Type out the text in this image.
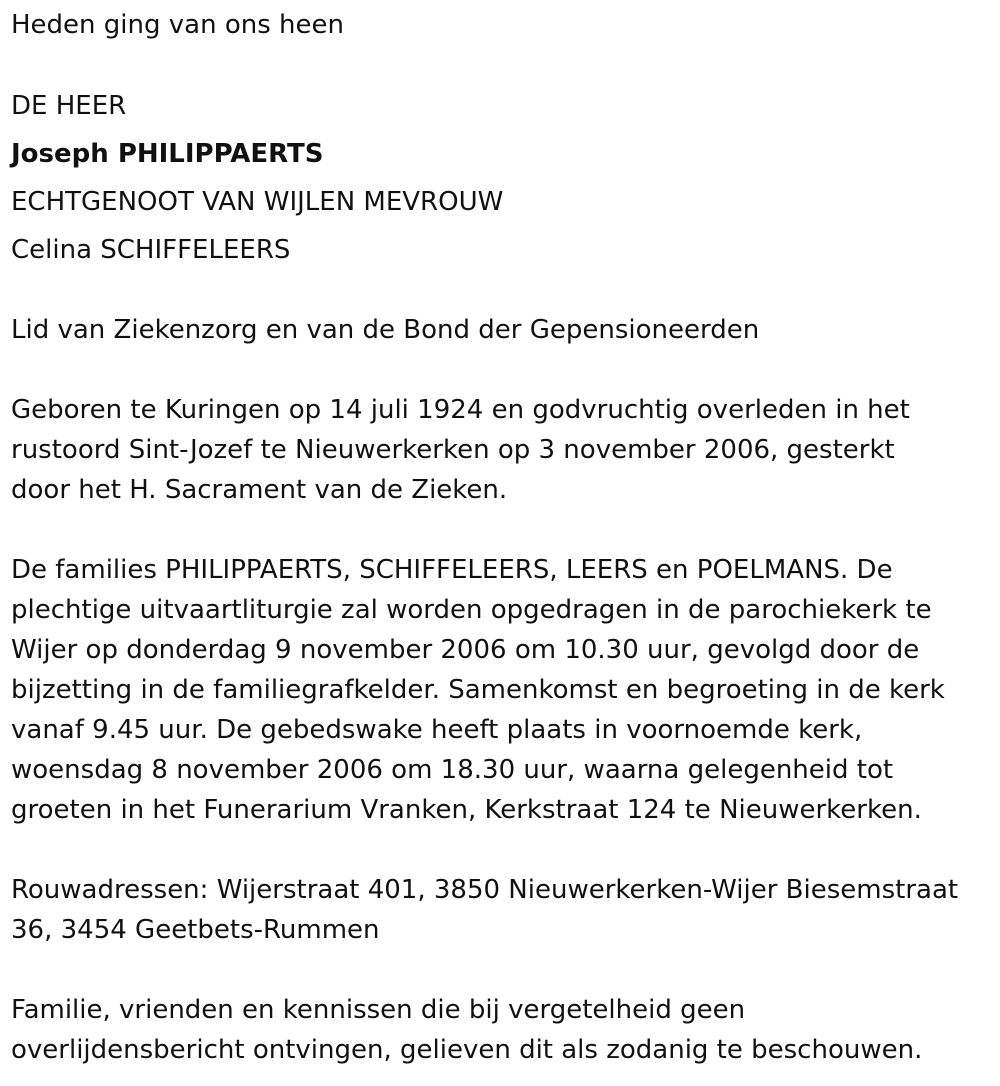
Heden ging van ons heen

DE HEER

Joseph PHILIPPAERTS

ECHTGENOOT VAN WIJLEN MEVROUW

Celina SCHIFFELEERS

Lid van Ziekenzorg en van de Bond der Gepensioneerden

Geboren te Kuringen op 14 juli 1924 en godvruchtig overleden in het

rustoord Sint-Jozef te Nieuwerkerken op 3 november 2006, gesterkt

door het H. Sacrament van de Zieken.

De families PHILIPPAERTS, SCHIFFELEERS, LEERS en POELMANS. De

plechtige uitvaartliturgie zal worden opgedragen in de parochiekerk te

Wijer op donderdag 9 november 2006 om 10.30 uur, gevolgd door de

bijzetting in de familiegrafkelder. Samenkomst en begroeting in de kerk

vanaf 9.45 uur. De gebedswake heeft plaats in voornoemde kerk,

woensdag 8 november 2006 om 18.30 uur, waarna gelegenheid tot

groeten in het Funerarium Vranken, Kerkstraat 124 te Nieuwerkerken.

Rouwadressen: Wijerstraat 401, 3850 Nieuwerkerken-Wijer Biesemstraat

36, 3454 Geetbets-Rummen

Familie, vrienden en kennissen die bij vergetelheid geen

overlijdensbericht ontvingen, gelieven dit als zodanig te beschouwen.
